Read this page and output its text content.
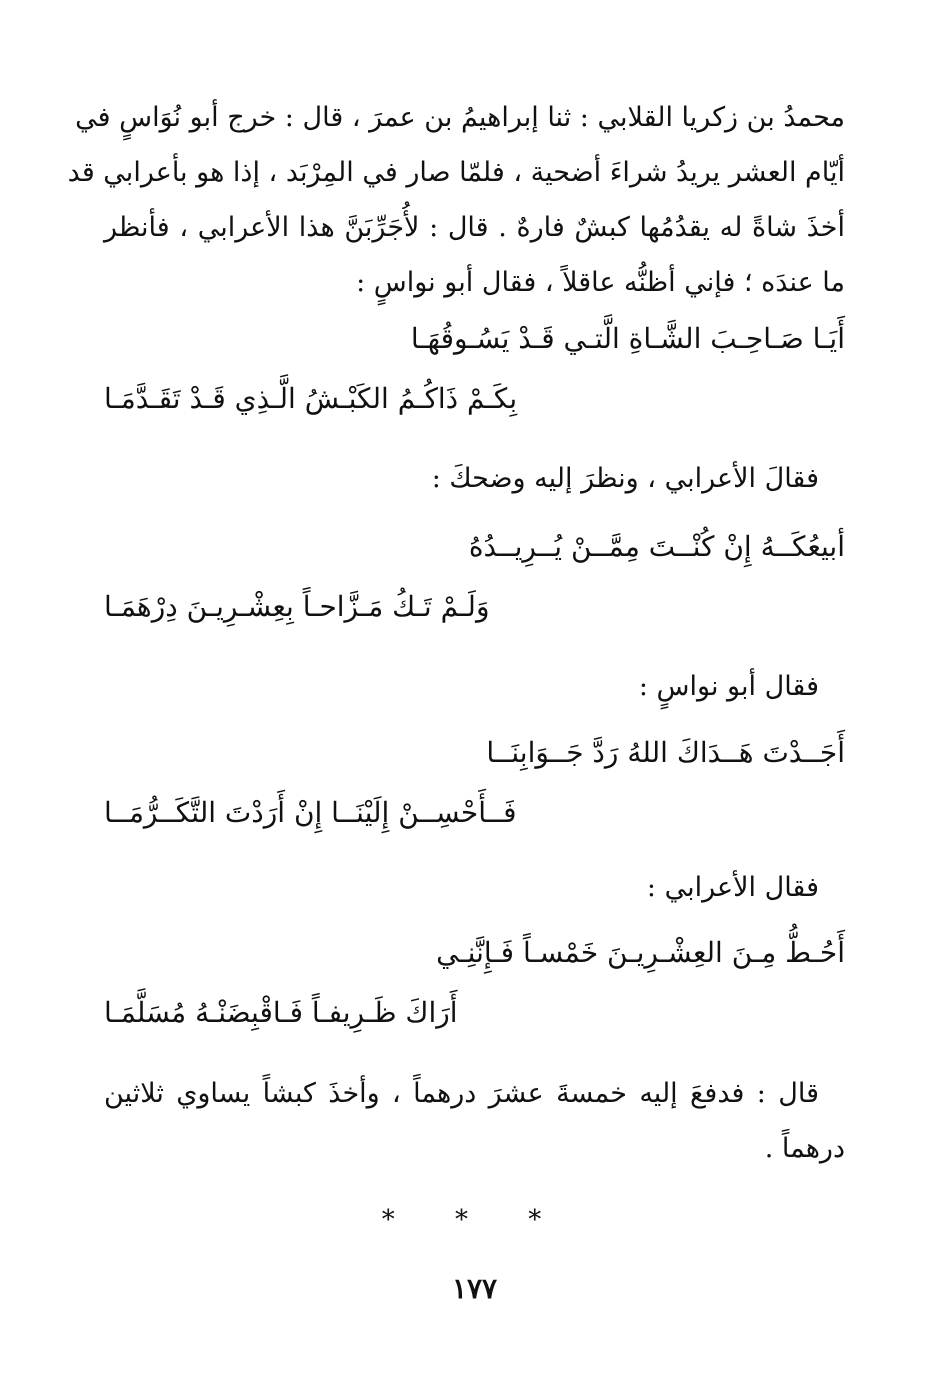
محمدُ بن زكريا القلابي : ثنا إبراهيمُ بن عمرَ ، قال : خرج أبو نُوَاسٍ في
أيّام العشر يريدُ شراءَ أضحية ، فلمّا صار في المِرْبَد ، إذا هو بأعرابي قد
أخذَ شاةً له يقدُمُها كبشٌ فارهٌ . قال : لأُجَرِّبَنَّ هذا الأعرابي ، فأنظر
ما عندَه ؛ فإني أظنُّه عاقلاً ، فقال أبو نواسٍ :
أَيَـا صَـاحِـبَ الشَّـاةِ الَّتـي قَـدْ يَسُـوقُهَـا
بِكَـمْ ذَاكُـمُ الكَبْـشُ الَّـذِي قَـدْ تَقَـدَّمَـا
فقالَ الأعرابي ، ونظرَ إليه وضحكَ :
أبيعُكَــهُ إِنْ كُنْــتَ مِمَّــنْ يُــرِيــدُهُ
وَلَـمْ تَـكُ مَـزَّاحـاً بِعِشْـرِيـنَ دِرْهَمَـا
فقال أبو نواسٍ :
أَجَــدْتَ هَــدَاكَ اللهُ رَدَّ جَــوَابِنَــا
فَــأَحْسِــنْ إِلَيْنَــا إِنْ أَرَدْتَ التَّكَــرُّمَــا
فقال الأعرابي :
أَحُـطُّ مِـنَ العِشْـرِيـنَ خَمْسـاً فَـإِنَّنِـي
أَرَاكَ ظَـرِيفـاً فَـاقْبِضَنْـهُ مُسَلَّمَـا
قال : فدفعَ إليه خمسةَ عشرَ درهماً ، وأخذَ كبشاً يساوي ثلاثين
درهماً .
* * *
١٧٧
